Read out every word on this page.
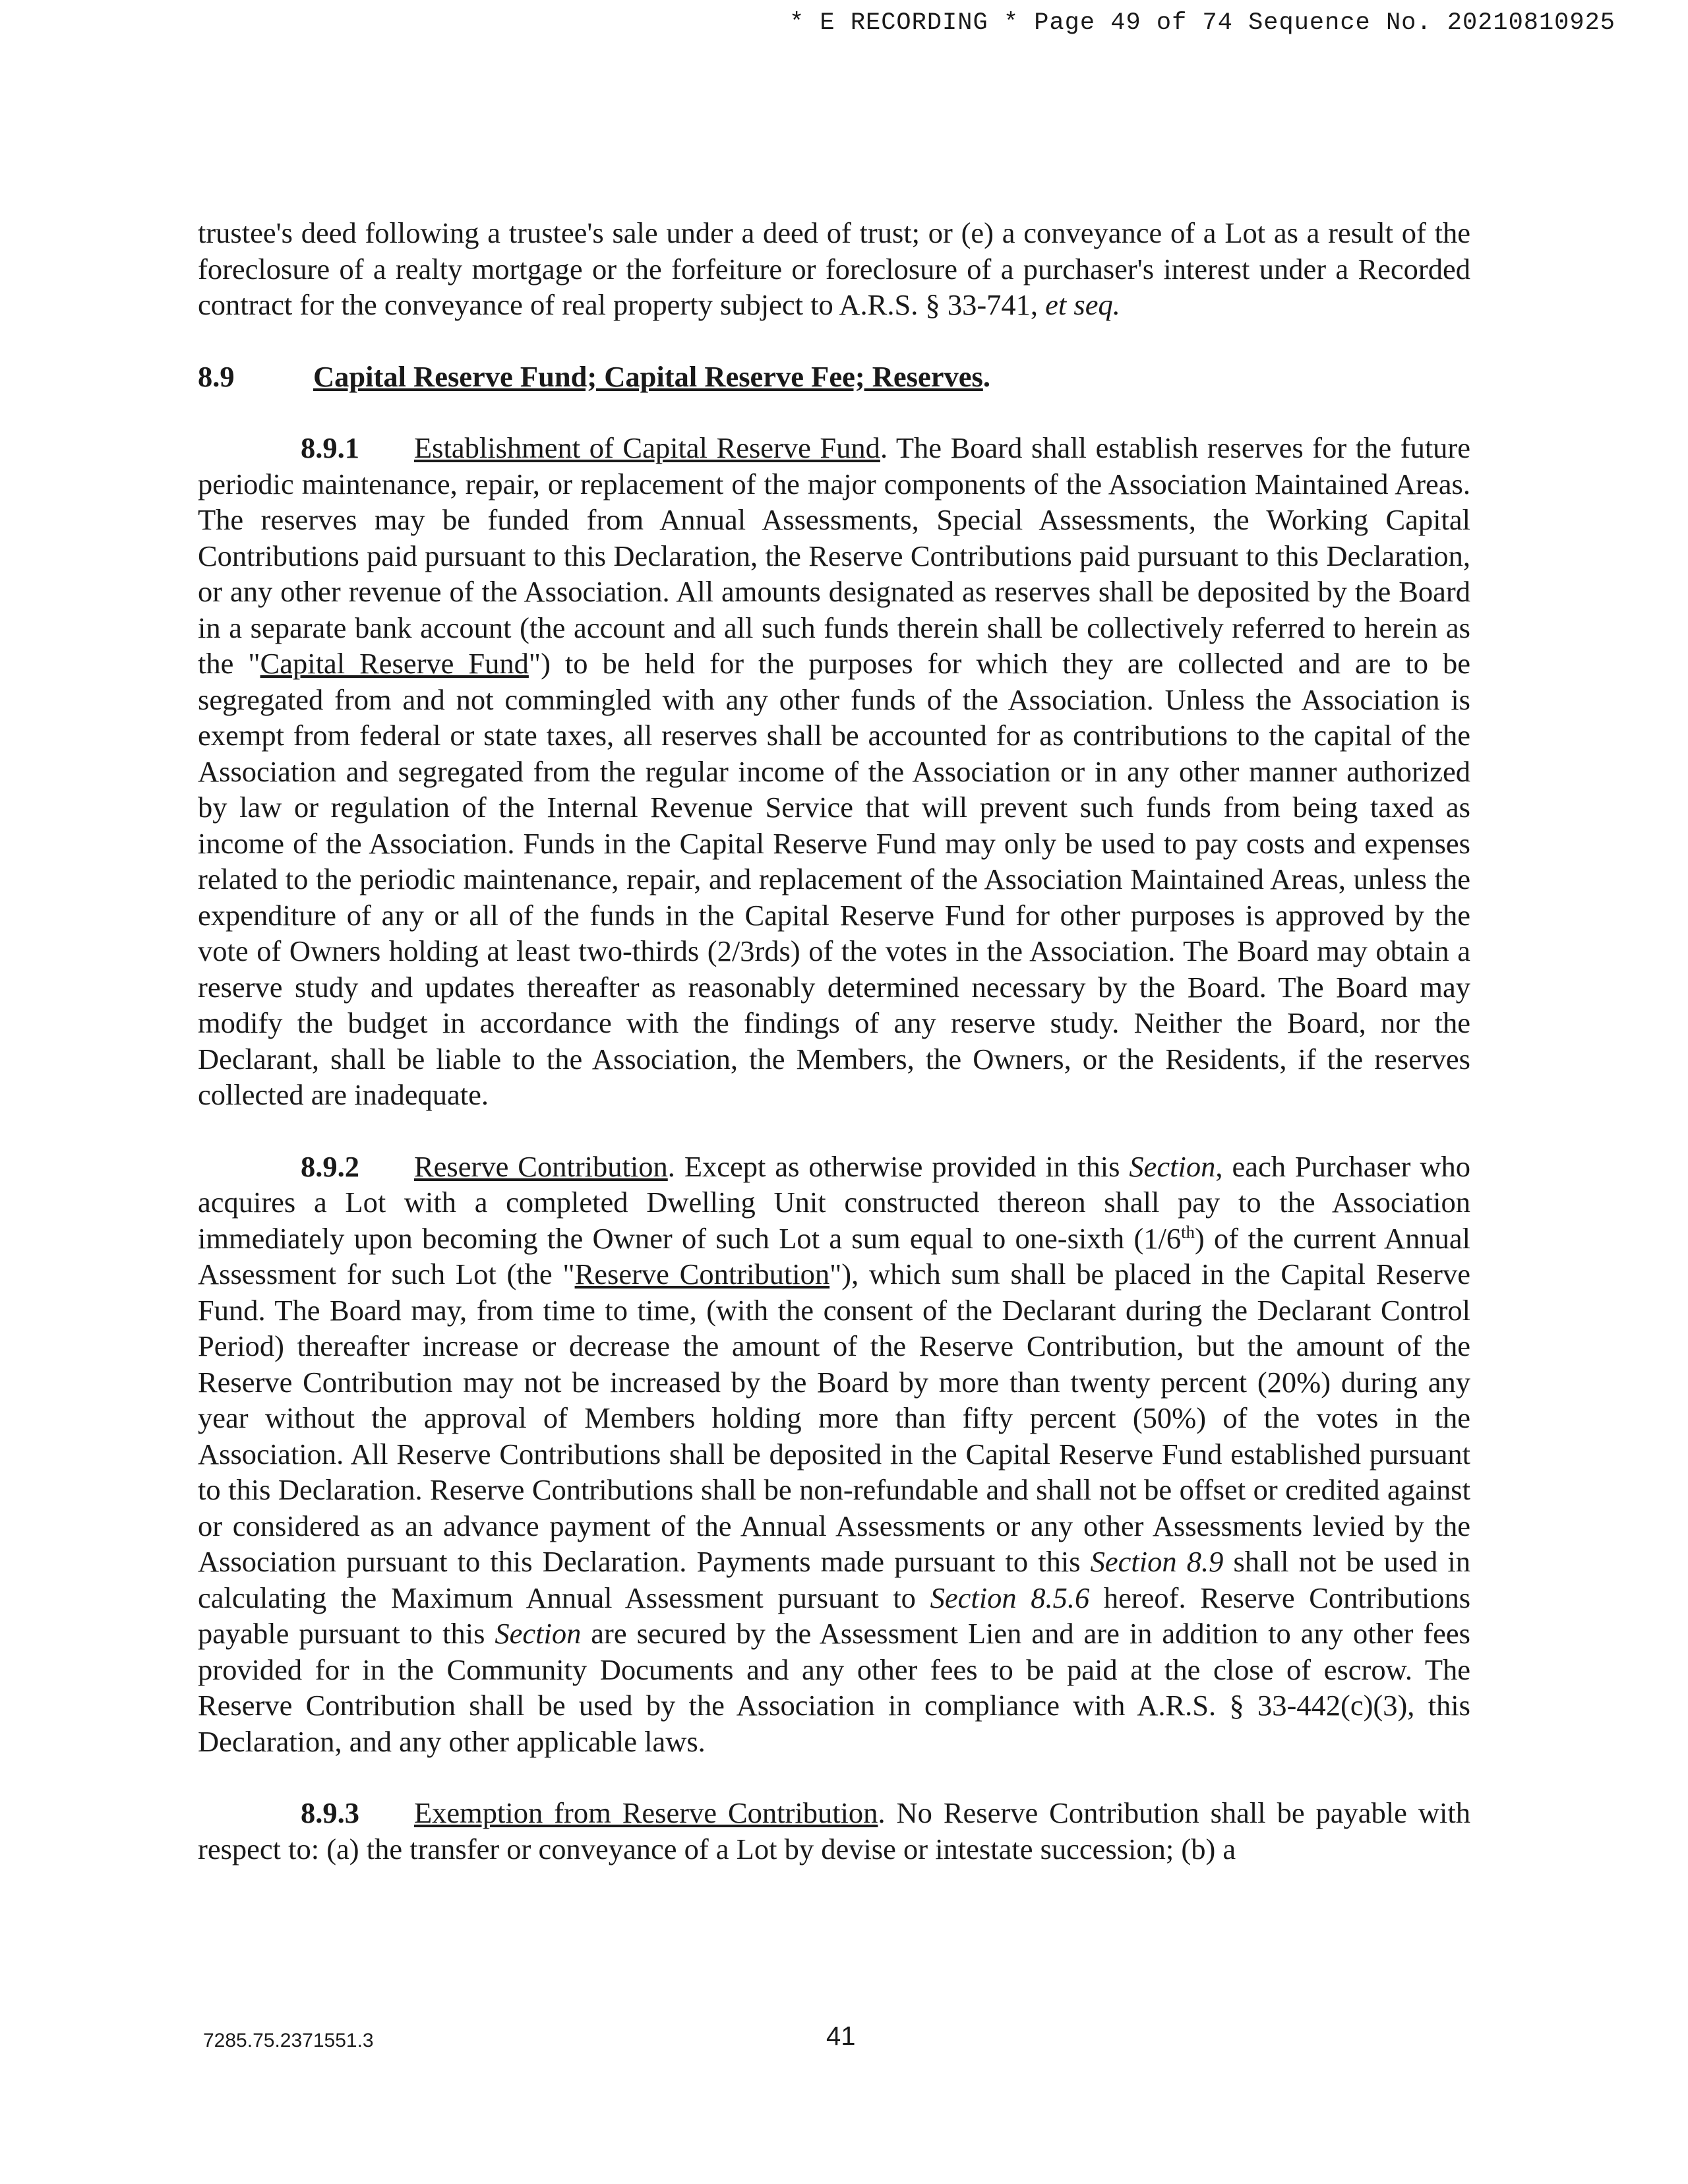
* E RECORDING * Page 49 of 74 Sequence No. 20210810925

trustee's deed following a trustee's sale under a deed of trust; or (e) a conveyance of a Lot as a result of the foreclosure of a realty mortgage or the forfeiture or foreclosure of a purchaser's interest under a Recorded contract for the conveyance of real property subject to A.R.S. § 33-741, et seq.

8.9	Capital Reserve Fund; Capital Reserve Fee; Reserves.

8.9.1 Establishment of Capital Reserve Fund. The Board shall establish reserves for the future periodic maintenance, repair, or replacement of the major components of the Association Maintained Areas. The reserves may be funded from Annual Assessments, Special Assessments, the Working Capital Contributions paid pursuant to this Declaration, the Reserve Contributions paid pursuant to this Declaration, or any other revenue of the Association. All amounts designated as reserves shall be deposited by the Board in a separate bank account (the account and all such funds therein shall be collectively referred to herein as the "Capital Reserve Fund") to be held for the purposes for which they are collected and are to be segregated from and not commingled with any other funds of the Association. Unless the Association is exempt from federal or state taxes, all reserves shall be accounted for as contributions to the capital of the Association and segregated from the regular income of the Association or in any other manner authorized by law or regulation of the Internal Revenue Service that will prevent such funds from being taxed as income of the Association. Funds in the Capital Reserve Fund may only be used to pay costs and expenses related to the periodic maintenance, repair, and replacement of the Association Maintained Areas, unless the expenditure of any or all of the funds in the Capital Reserve Fund for other purposes is approved by the vote of Owners holding at least two-thirds (2/3rds) of the votes in the Association. The Board may obtain a reserve study and updates thereafter as reasonably determined necessary by the Board. The Board may modify the budget in accordance with the findings of any reserve study. Neither the Board, nor the Declarant, shall be liable to the Association, the Members, the Owners, or the Residents, if the reserves collected are inadequate.

8.9.2 Reserve Contribution. Except as otherwise provided in this Section, each Purchaser who acquires a Lot with a completed Dwelling Unit constructed thereon shall pay to the Association immediately upon becoming the Owner of such Lot a sum equal to one-sixth (1/6th) of the current Annual Assessment for such Lot (the "Reserve Contribution"), which sum shall be placed in the Capital Reserve Fund. The Board may, from time to time, (with the consent of the Declarant during the Declarant Control Period) thereafter increase or decrease the amount of the Reserve Contribution, but the amount of the Reserve Contribution may not be increased by the Board by more than twenty percent (20%) during any year without the approval of Members holding more than fifty percent (50%) of the votes in the Association. All Reserve Contributions shall be deposited in the Capital Reserve Fund established pursuant to this Declaration. Reserve Contributions shall be non-refundable and shall not be offset or credited against or considered as an advance payment of the Annual Assessments or any other Assessments levied by the Association pursuant to this Declaration. Payments made pursuant to this Section 8.9 shall not be used in calculating the Maximum Annual Assessment pursuant to Section 8.5.6 hereof. Reserve Contributions payable pursuant to this Section are secured by the Assessment Lien and are in addition to any other fees provided for in the Community Documents and any other fees to be paid at the close of escrow. The Reserve Contribution shall be used by the Association in compliance with A.R.S. § 33-442(c)(3), this Declaration, and any other applicable laws.

8.9.3 Exemption from Reserve Contribution. No Reserve Contribution shall be payable with respect to: (a) the transfer or conveyance of a Lot by devise or intestate succession; (b) a

7285.75.2371551.3	41
